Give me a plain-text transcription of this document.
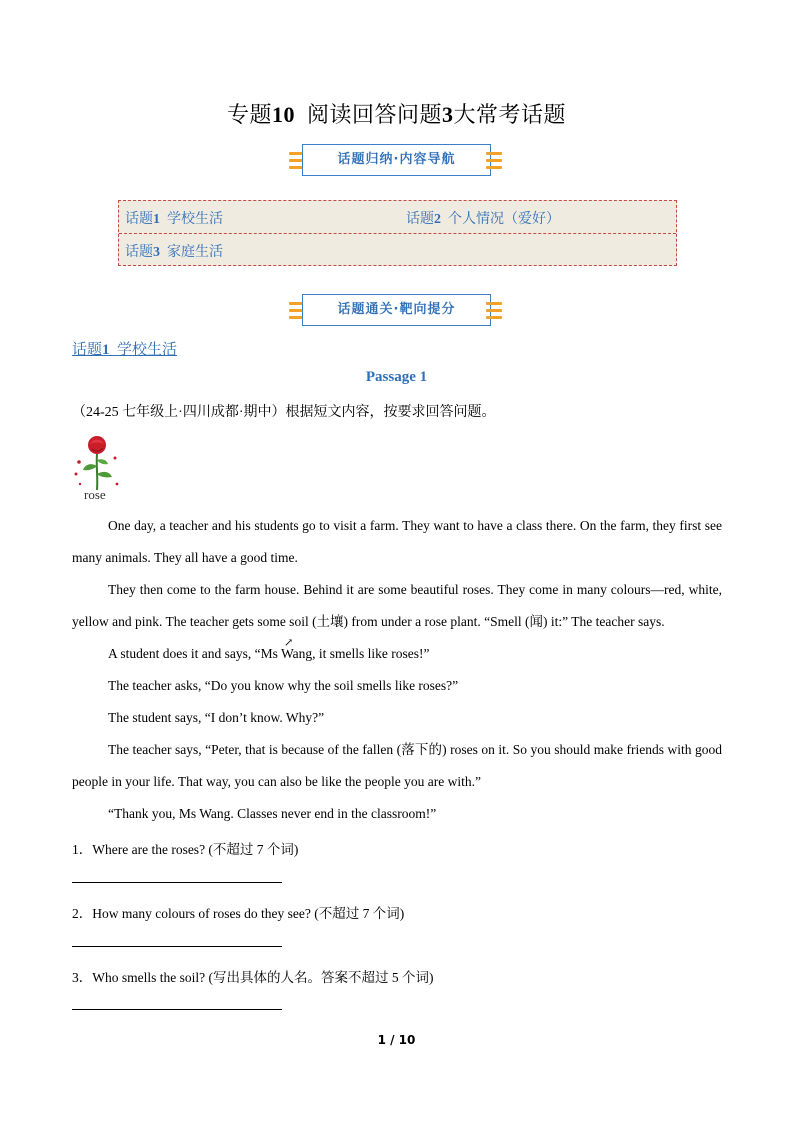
专题10 阅读回答问题3大常考话题
话题归纳·内容导航
话题1 学校生活	话题2 个人情况（爱好）
话题3 家庭生活
话题通关·靶向提分
话题1 学校生活
Passage 1
（24-25 七年级上·四川成都·期中）根据短文内容，按要求回答问题。
rose
One day, a teacher and his students go to visit a farm. They want to have a class there. On the farm, they first see many animals. They all have a good time.
They then come to the farm house. Behind it are some beautiful roses. They come in many colours—red, white, yellow and pink. The teacher gets some soil (土壤) from under a rose plant. “Smell (闻) it:” The teacher says.
A student does it and says, “Ms Wang, it smells like roses!”
The teacher asks, “Do you know why the soil smells like roses?”
The student says, “I don’t know. Why?”
The teacher says, “Peter, that is because of the fallen (落下的) roses on it. So you should make friends with good people in your life. That way, you can also be like the people you are with.”
“Thank you, Ms Wang. Classes never end in the classroom!”
↗
1．Where are the roses? (不超过 7 个词)
2．How many colours of roses do they see? (不超过 7 个词)
3．Who smells the soil? (写出具体的人名。答案不超过 5 个词)
1 / 10
